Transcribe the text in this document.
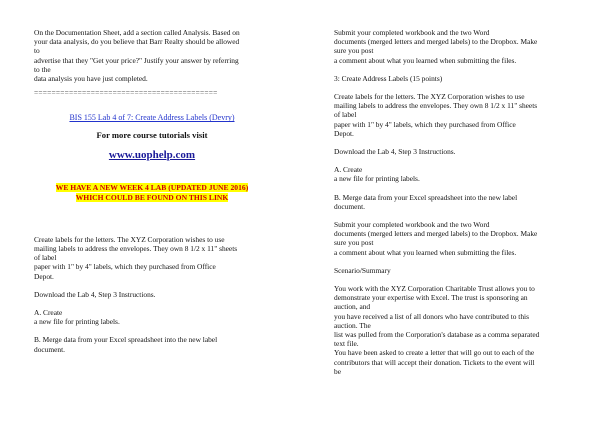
On the Documentation Sheet, add a section called Analysis. Based on
your data analysis, do you believe that Barr Realty should be allowed
to
advertise that they "Get your price?" Justify your answer by referring
to the
data analysis you have just completed.

==========================================

BIS 155 Lab 4 of 7: Create Address Labels (Devry)

For more course tutorials visit

www.uophelp.com

WE HAVE A NEW WEEK 4 LAB (UPDATED JUNE 2016)
WHICH COULD BE FOUND ON THIS LINK

Create labels for the letters. The XYZ Corporation wishes to use
mailing labels to address the envelopes. They own 8 1/2 x 11" sheets
of label
paper with 1" by 4" labels, which they purchased from Office
Depot.

Download the Lab 4, Step 3 Instructions.

A. Create
a new file for printing labels.

B. Merge data from your Excel spreadsheet into the new label
document.

Submit your completed workbook and the two Word
documents (merged letters and merged labels) to the Dropbox. Make
sure you post
a comment about what you learned when submitting the files.

3: Create Address Labels (15 points)

Create labels for the letters. The XYZ Corporation wishes to use
mailing labels to address the envelopes. They own 8 1/2 x 11" sheets
of label
paper with 1" by 4" labels, which they purchased from Office
Depot.

Download the Lab 4, Step 3 Instructions.

A. Create
a new file for printing labels.

B. Merge data from your Excel spreadsheet into the new label
document.

Submit your completed workbook and the two Word
documents (merged letters and merged labels) to the Dropbox. Make
sure you post
a comment about what you learned when submitting the files.

Scenario/Summary

You work with the XYZ Corporation Charitable Trust allows you to
demonstrate your expertise with Excel. The trust is sponsoring an
auction, and
you have received a list of all donors who have contributed to this
auction. The
list was pulled from the Corporation's database as a comma separated
text file.
You have been asked to create a letter that will go out to each of the
contributors that will accept their donation. Tickets to the event will
be
